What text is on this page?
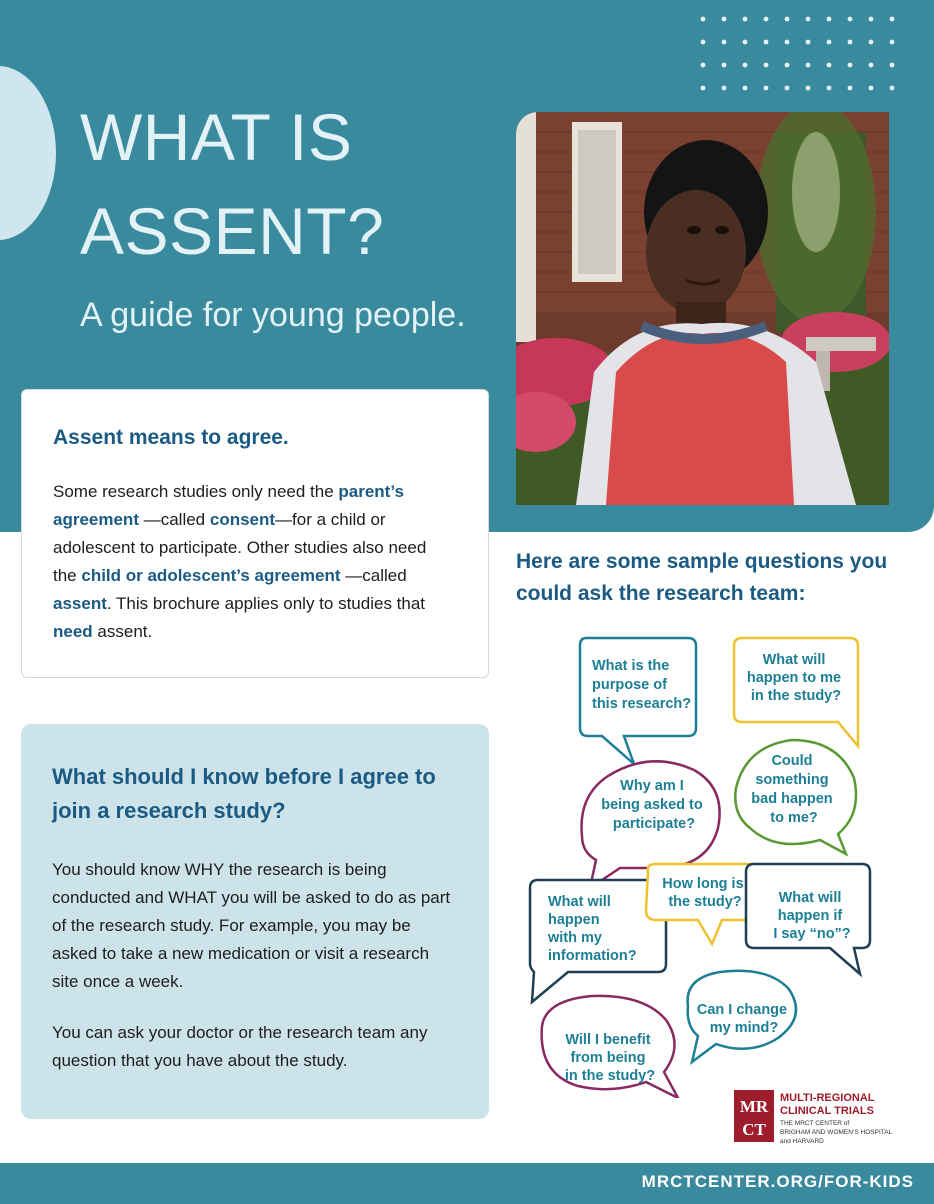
WHAT IS
ASSENT?

A guide for young people.

Assent means to agree.

Some research studies only need the parent’s agreement —called consent—for a child or adolescent to participate. Other studies also need the child or adolescent’s agreement —called assent. This brochure applies only to studies that need assent.

What should I know before I agree to join a research study?

You should know WHY the research is being conducted and WHAT you will be asked to do as part of the research study. For example, you may be asked to take a new medication or visit a research site once a week.

You can ask your doctor or the research team any question that you have about the study.

Here are some sample questions you could ask the research team:
What is the purpose of this research?
What will happen to me in the study?
Why am I being asked to participate?
Could something bad happen to me?
What will happen with my information?
How long is the study?	What will happen if I say “no”?
Can I change my mind?
Will I benefit from being in the study?
MR
CT
MULTI-REGIONAL
CLINICAL TRIALS
THE MRCT CENTER of
BRIGHAM AND WOMEN’S HOSPITAL
and HARVARD

MRCTCENTER.ORG/FOR-KIDS
